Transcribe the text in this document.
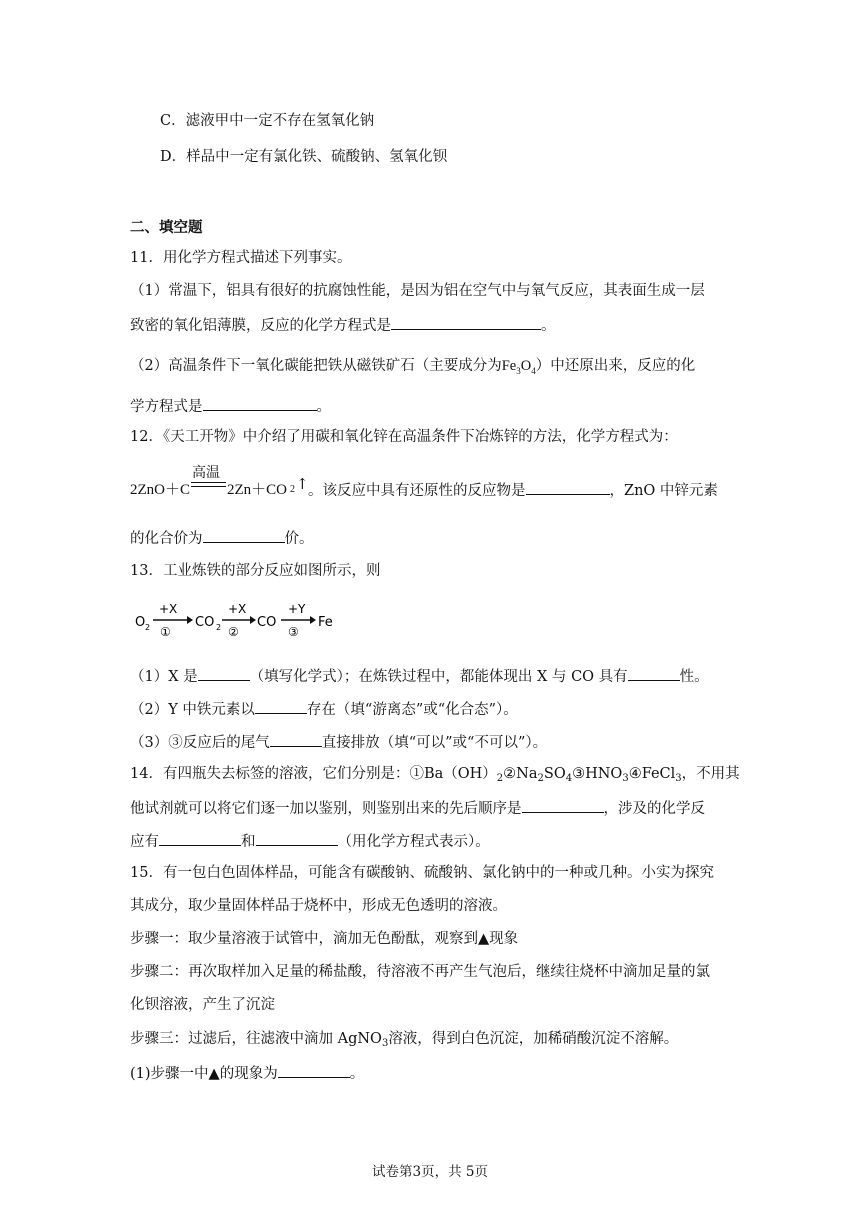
C．滤液甲中一定不存在氢氧化钠
D．样品中一定有氯化铁、硫酸钠、氢氧化钡
二、填空题
11．用化学方程式描述下列事实。
（1）常温下，铝具有很好的抗腐蚀性能，是因为铝在空气中与氧气反应，其表面生成一层
致密的氧化铝薄膜，反应的化学方程式是	。
（2）高温条件下一氧化碳能把铁从磁铁矿石（主要成分为$Fe_3O_4$）中还原出来，反应的化
学方程式是	。
12．《天工开物》中介绍了用碳和氧化锌在高温条件下冶炼锌的方法，化学方程式为：
2ZnO＋C
高温
2Zn＋CO 2 ↑ 。该反应中具有还原性的反应物是	，ZnO 中锌元素
的化合价为	价。
13．工业炼铁的部分反应如图所示，则
O 2
+X
①
CO 2
+X
②
CO
+Y
③
Fe
（1）X 是	（填写化学式）；在炼铁过程中，都能体现出 X 与 CO 具有	性。
（2）Y 中铁元素以	存在（填“游离态”或“化合态”）。
（3）③反应后的尾气	直接排放（填“可以”或“不可以”）。
14．有四瓶失去标签的溶液，它们分别是：$①Ba(OH)_2②Na_2SO_4③HNO_3④FeCl_3$，不用其
他试剂就可以将它们逐一加以鉴别，则鉴别出来的先后顺序是	，涉及的化学反
应有	和	（用化学方程式表示）。
15．有一包白色固体样品，可能含有碳酸钠、硫酸钠、氯化钠中的一种或几种。小实为探究
其成分，取少量固体样品于烧杯中，形成无色透明的溶液。
步骤一：取少量溶液于试管中，滴加无色酚酞，观察到▲现象
步骤二：再次取样加入足量的稀盐酸，待溶液不再产生气泡后，继续往烧杯中滴加足量的氯
化钡溶液，产生了沉淀
步骤三：过滤后，往滤液中滴加 AgNO$_3$溶液，得到白色沉淀，加稀硝酸沉淀不溶解。
(1)步骤一中▲的现象为	。
试卷第3页，共 5页
